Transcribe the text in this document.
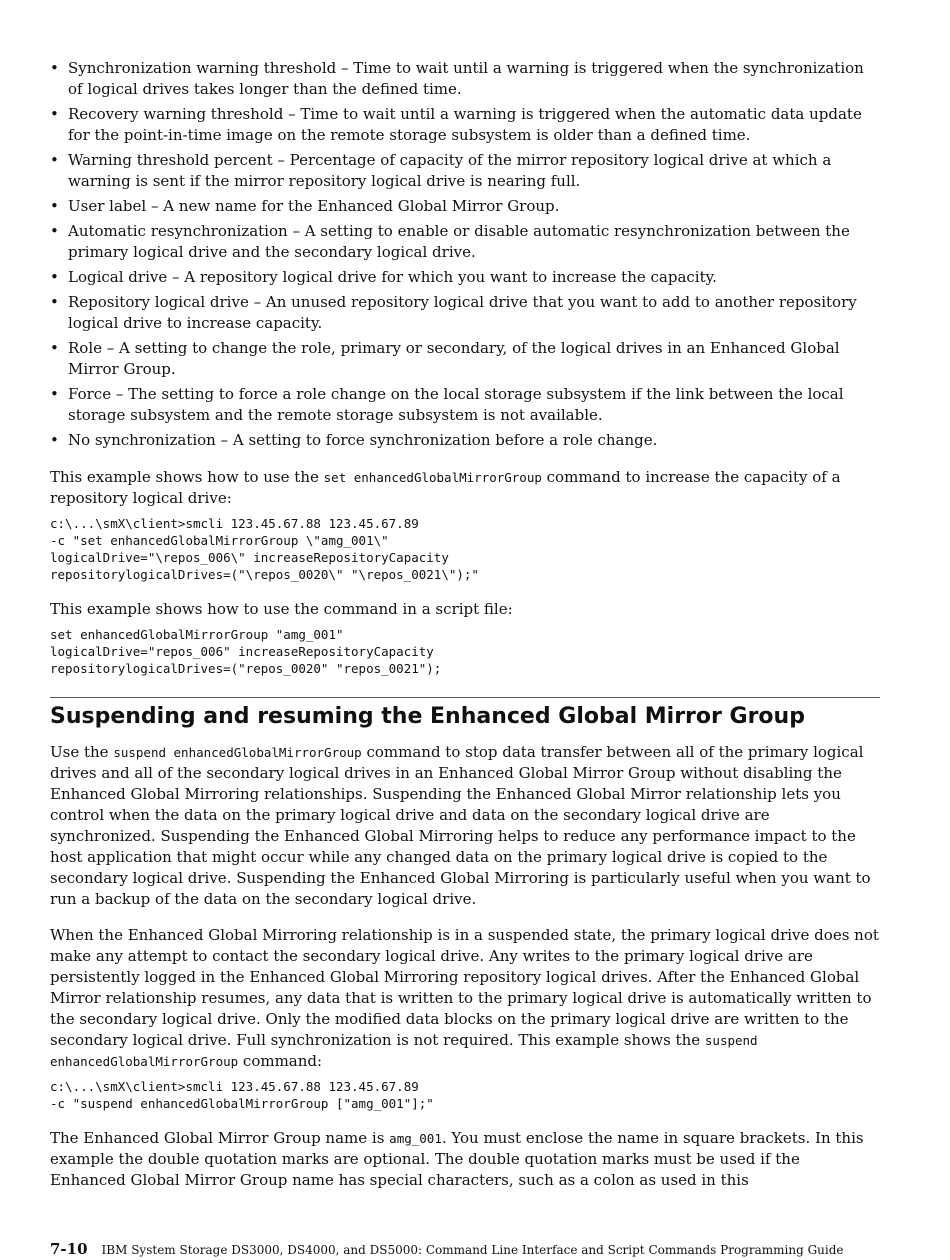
• Synchronization warning threshold – Time to wait until a warning is triggered when the synchronization of logical drives takes longer than the defined time.
• Recovery warning threshold – Time to wait until a warning is triggered when the automatic data update for the point-in-time image on the remote storage subsystem is older than a defined time.
• Warning threshold percent – Percentage of capacity of the mirror repository logical drive at which a warning is sent if the mirror repository logical drive is nearing full.
• User label – A new name for the Enhanced Global Mirror Group.
• Automatic resynchronization – A setting to enable or disable automatic resynchronization between the primary logical drive and the secondary logical drive.
• Logical drive – A repository logical drive for which you want to increase the capacity.
• Repository logical drive – An unused repository logical drive that you want to add to another repository logical drive to increase capacity.
• Role – A setting to change the role, primary or secondary, of the logical drives in an Enhanced Global Mirror Group.
• Force – The setting to force a role change on the local storage subsystem if the link between the local storage subsystem and the remote storage subsystem is not available.
• No synchronization – A setting to force synchronization before a role change.

This example shows how to use the set enhancedGlobalMirrorGroup command to increase the capacity of a repository logical drive:

c:\...\smX\client>smcli 123.45.67.88 123.45.67.89
-c "set enhancedGlobalMirrorGroup \"amg_001\"
logicalDrive="\repos_006\" increaseRepositoryCapacity
repositorylogicalDrives=("\repos_0020\" "\repos_0021\");"

This example shows how to use the command in a script file:

set enhancedGlobalMirrorGroup "amg_001"
logicalDrive="repos_006" increaseRepositoryCapacity
repositorylogicalDrives=("repos_0020" "repos_0021");
Suspending and resuming the Enhanced Global Mirror Group

Use the suspend enhancedGlobalMirrorGroup command to stop data transfer between all of the primary logical drives and all of the secondary logical drives in an Enhanced Global Mirror Group without disabling the Enhanced Global Mirroring relationships. Suspending the Enhanced Global Mirror relationship lets you control when the data on the primary logical drive and data on the secondary logical drive are synchronized. Suspending the Enhanced Global Mirroring helps to reduce any performance impact to the host application that might occur while any changed data on the primary logical drive is copied to the secondary logical drive. Suspending the Enhanced Global Mirroring is particularly useful when you want to run a backup of the data on the secondary logical drive.

When the Enhanced Global Mirroring relationship is in a suspended state, the primary logical drive does not make any attempt to contact the secondary logical drive. Any writes to the primary logical drive are persistently logged in the Enhanced Global Mirroring repository logical drives. After the Enhanced Global Mirror relationship resumes, any data that is written to the primary logical drive is automatically written to the secondary logical drive. Only the modified data blocks on the primary logical drive are written to the secondary logical drive. Full synchronization is not required. This example shows the suspend enhancedGlobalMirrorGroup command:

c:\...\smX\client>smcli 123.45.67.88 123.45.67.89
-c "suspend enhancedGlobalMirrorGroup ["amg_001"];"

The Enhanced Global Mirror Group name is amg_001. You must enclose the name in square brackets. In this example the double quotation marks are optional. The double quotation marks must be used if the Enhanced Global Mirror Group name has special characters, such as a colon as used in this

7-10 IBM System Storage DS3000, DS4000, and DS5000: Command Line Interface and Script Commands Programming Guide
